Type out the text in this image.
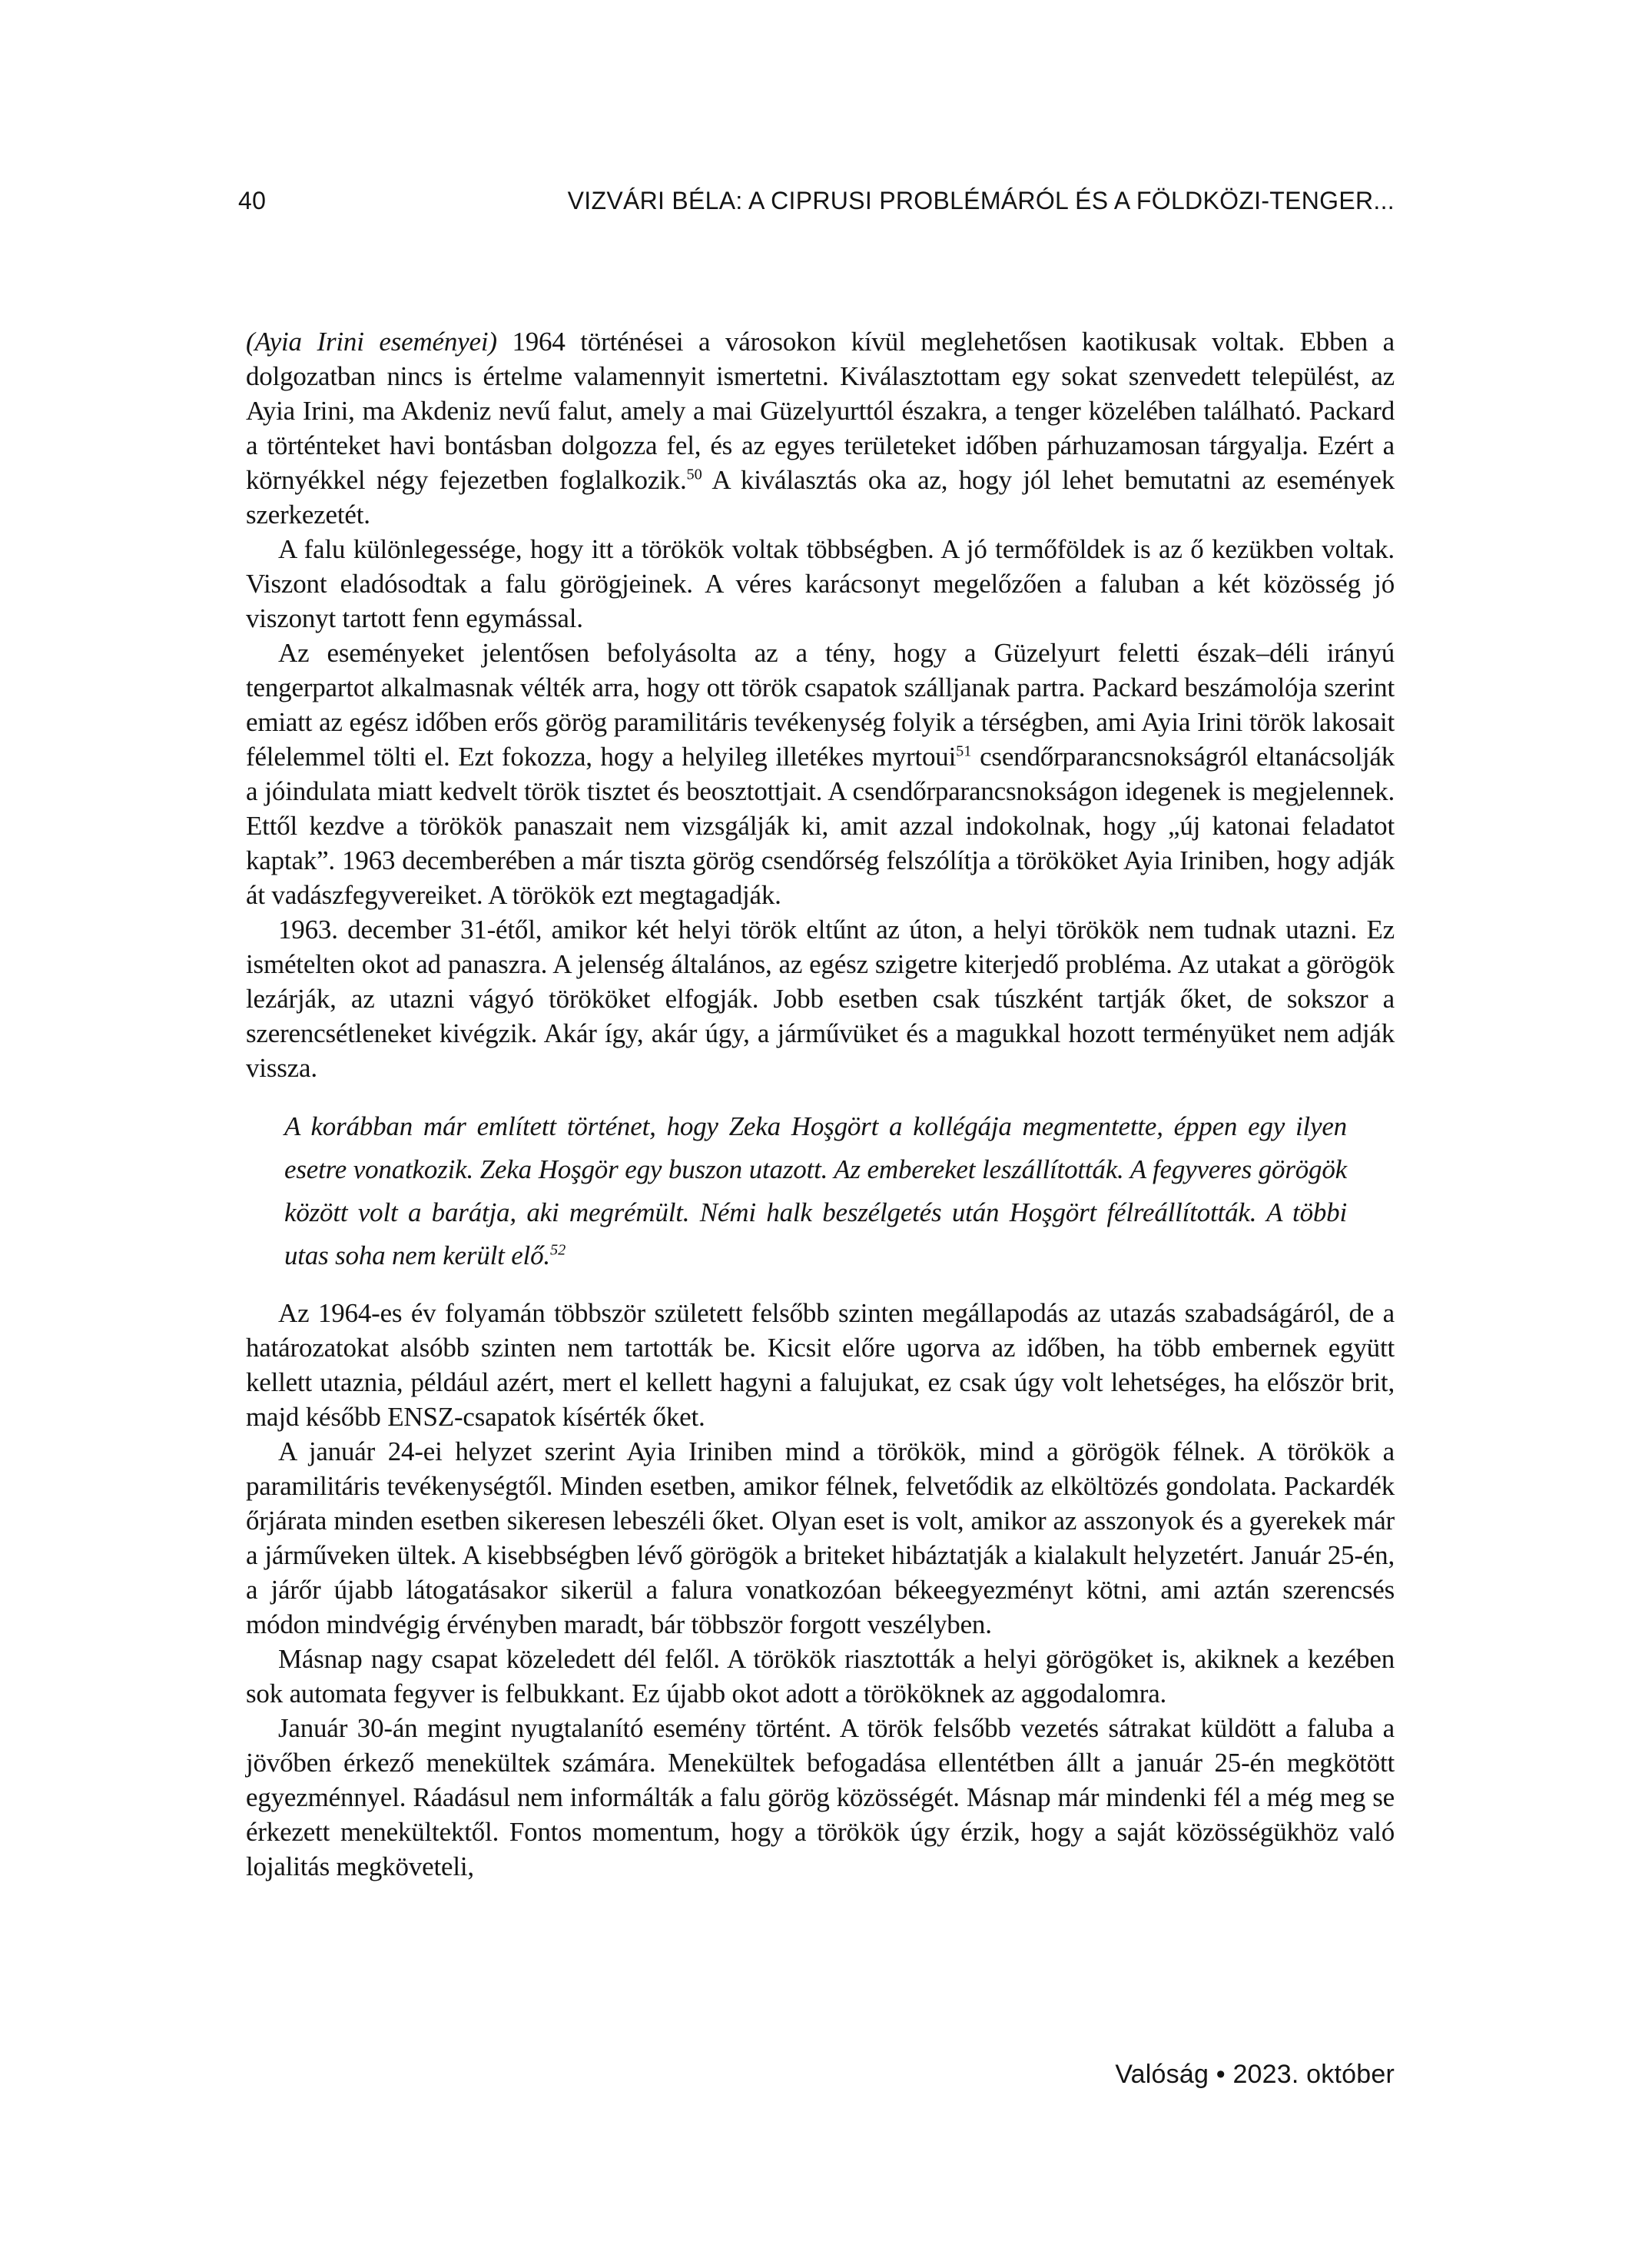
40	VIZVÁRI BÉLA: A CIPRUSI PROBLÉMÁRÓL ÉS A FÖLDKÖZI-TENGER...

(Ayia Irini eseményei) 1964 történései a városokon kívül meglehetősen kaotikusak voltak. Ebben a dolgozatban nincs is értelme valamennyit ismertetni. Kiválasztottam egy sokat szenvedett települést, az Ayia Irini, ma Akdeniz nevű falut, amely a mai Güzelyurttól északra, a tenger közelében található. Packard a történteket havi bontásban dolgozza fel, és az egyes területeket időben párhuzamosan tárgyalja. Ezért a környékkel négy fejezetben foglalkozik.$^{50}$ A kiválasztás oka az, hogy jól lehet bemutatni az események szerkezetét.

A falu különlegessége, hogy itt a törökök voltak többségben. A jó termőföldek is az ő kezükben voltak. Viszont eladósodtak a falu görögjeinek. A véres karácsonyt megelőzően a faluban a két közösség jó viszonyt tartott fenn egymással.

Az eseményeket jelentősen befolyásolta az a tény, hogy a Güzelyurt feletti észak–déli irányú tengerpartot alkalmasnak vélték arra, hogy ott török csapatok szálljanak partra. Packard beszámolója szerint emiatt az egész időben erős görög paramilitáris tevékenység folyik a térségben, ami Ayia Irini török lakosait félelemmel tölti el. Ezt fokozza, hogy a helyileg illetékes myrtoui$^{51}$ csendőrparancsnokságról eltanácsolják a jóindulata miatt kedvelt török tisztet és beosztottjait. A csendőrparancsnokságon idegenek is megjelennek. Ettől kezdve a törökök panaszait nem vizsgálják ki, amit azzal indokolnak, hogy „új katonai feladatot kaptak”. 1963 decemberében a már tiszta görög csendőrség felszólítja a törököket Ayia Iriniben, hogy adják át vadászfegyvereiket. A törökök ezt megtagadják.

1963. december 31-étől, amikor két helyi török eltűnt az úton, a helyi törökök nem tudnak utazni. Ez ismételten okot ad panaszra. A jelenség általános, az egész szigetre kiterjedő probléma. Az utakat a görögök lezárják, az utazni vágyó törököket elfogják. Jobb esetben csak túszként tartják őket, de sokszor a szerencsétleneket kivégzik. Akár így, akár úgy, a járművüket és a magukkal hozott terményüket nem adják vissza.

A korábban már említett történet, hogy Zeka Hoşgört a kollégája megmentette, éppen egy ilyen esetre vonatkozik. Zeka Hoşgör egy buszon utazott. Az embereket leszállították. A fegyveres görögök között volt a barátja, aki megrémült. Némi halk beszélgetés után Hoşgört félreállították. A többi utas soha nem került elő.$^{52}$

Az 1964-es év folyamán többször született felsőbb szinten megállapodás az utazás szabadságáról, de a határozatokat alsóbb szinten nem tartották be. Kicsit előre ugorva az időben, ha több embernek együtt kellett utaznia, például azért, mert el kellett hagyni a falujukat, ez csak úgy volt lehetséges, ha először brit, majd később ENSZ-csapatok kísérték őket.

A január 24-ei helyzet szerint Ayia Iriniben mind a törökök, mind a görögök félnek. A törökök a paramilitáris tevékenységtől. Minden esetben, amikor félnek, felvetődik az elköltözés gondolata. Packardék őrjárata minden esetben sikeresen lebeszéli őket. Olyan eset is volt, amikor az asszonyok és a gyerekek már a járműveken ültek. A kisebbségben lévő görögök a briteket hibáztatják a kialakult helyzetért. Január 25-én, a járőr újabb látogatásakor sikerül a falura vonatkozóan békeegyezményt kötni, ami aztán szerencsés módon mindvégig érvényben maradt, bár többször forgott veszélyben.

Másnap nagy csapat közeledett dél felől. A törökök riasztották a helyi görögöket is, akiknek a kezében sok automata fegyver is felbukkant. Ez újabb okot adott a törököknek az aggodalomra.

Január 30-án megint nyugtalanító esemény történt. A török felsőbb vezetés sátrakat küldött a faluba a jövőben érkező menekültek számára. Menekültek befogadása ellentétben állt a január 25-én megkötött egyezménnyel. Ráadásul nem informálták a falu görög közösségét. Másnap már mindenki fél a még meg se érkezett menekültektől. Fontos momentum, hogy a törökök úgy érzik, hogy a saját közösségükhöz való lojalitás megköveteli,

Valóság • 2023. október
